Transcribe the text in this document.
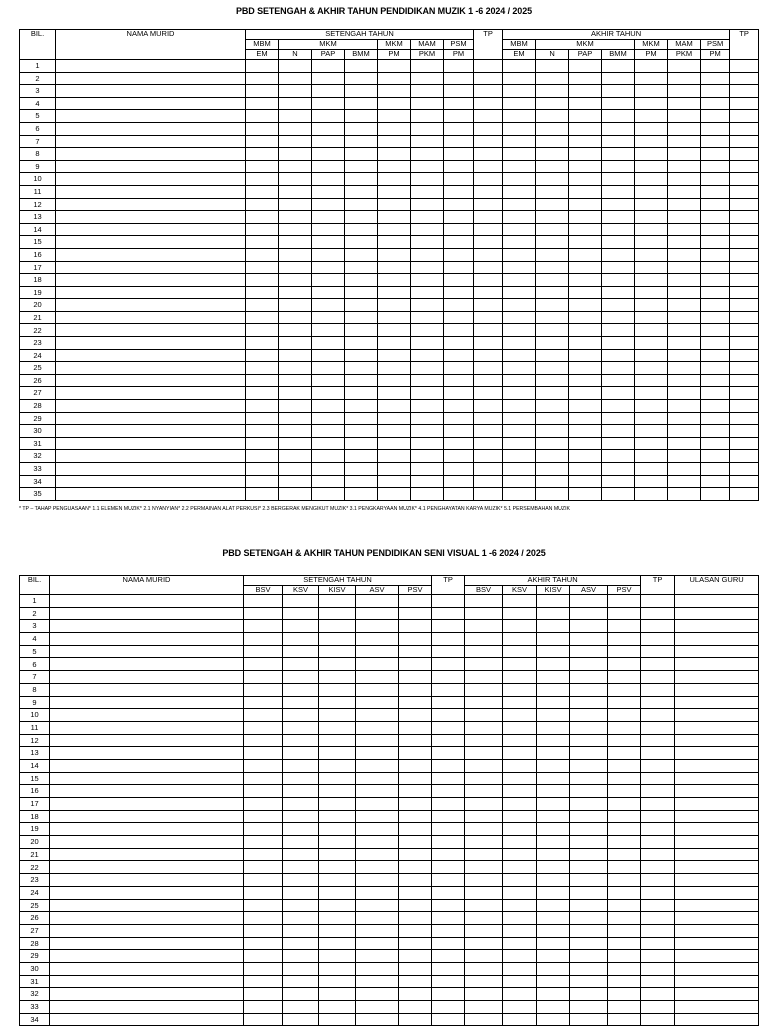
PBD SETENGAH & AKHIR TAHUN PENDIDIKAN MUZIK 1 -6 2024 / 2025
BIL.	NAMA MURID	SETENGAH TAHUN							TP	AKHIR TAHUN							TP
		MBM	MKM			MKM	MAM	PSM		MBM	MKM			MKM	MAM	PSM	
		EM	N	PAP	BMM	PM	PKM	PM		EM	N	PAP	BMM	PM	PKM	PM	
1																	
2																	
3																	
4																	
5																	
6																	
7																	
8																	
9																	
10																	
11																	
12																	
13																	
14																	
15																	
16																	
17																	
18																	
19																	
20																	
21																	
22																	
23																	
24																	
25																	
26																	
27																	
28																	
29																	
30																	
31																	
32																	
33																	
34																	
35																	
* TP – TAHAP PENGUASAAN* 1.1 ELEMEN MUZIK* 2.1 NYANYIAN* 2.2 PERMAINAN ALAT PERKUSI* 2.3 BERGERAK MENGIKUT MUZIK* 3.1 PENGKARYAAN MUZIK* 4.1 PENGHAYATAN KARYA MUZIK* 5.1 PERSEMBAHAN MUZIK
PBD SETENGAH & AKHIR TAHUN PENDIDIKAN SENI VISUAL 1 -6 2024 / 2025
BIL.	NAMA MURID	SETENGAH TAHUN					TP	AKHIR TAHUN					TP	ULASAN GURU
		BSV	KSV	KISV	ASV	PSV		BSV	KSV	KISV	ASV	PSV		
1														
2														
3														
4														
5														
6														
7														
8														
9														
10														
11														
12														
13														
14														
15														
16														
17														
18														
19														
20														
21														
22														
23														
24														
25														
26														
27														
28														
29														
30														
31														
32														
33														
34														
